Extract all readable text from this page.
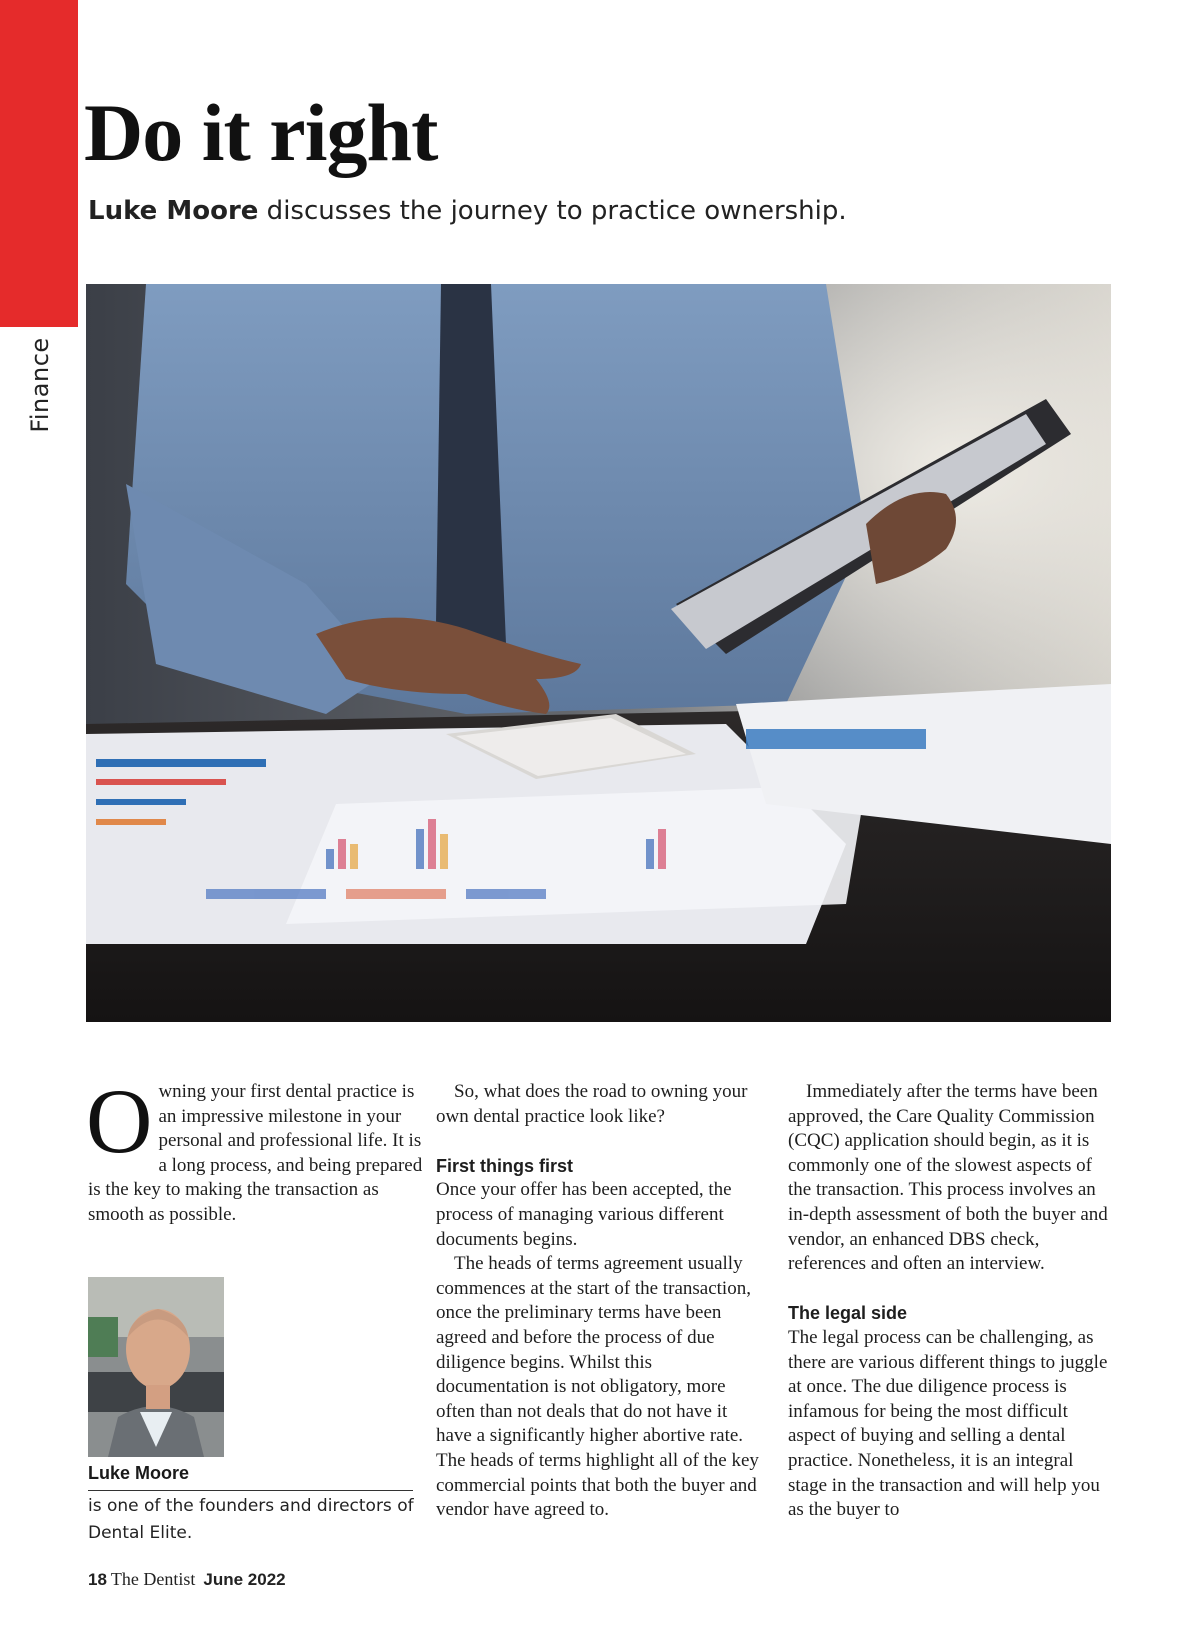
Finance
Do it right

Luke Moore discusses the journey to practice ownership.

Owning your first dental practice is an impressive milestone in your personal and professional life. It is a long process, and being prepared is the key to making the transaction as smooth as possible.

Luke Moore

is one of the founders and directors of Dental Elite.

So, what does the road to owning your own dental practice look like?

First things first

Once your offer has been accepted, the process of managing various different documents begins.

The heads of terms agreement usually commences at the start of the transaction, once the preliminary terms have been agreed and before the process of due diligence begins. Whilst this documentation is not obligatory, more often than not deals that do not have it have a significantly higher abortive rate. The heads of terms highlight all of the key commercial points that both the buyer and vendor have agreed to.

Immediately after the terms have been approved, the Care Quality Commission (CQC) application should begin, as it is commonly one of the slowest aspects of the transaction. This process involves an in-depth assessment of both the buyer and vendor, an enhanced DBS check, references and often an interview.

The legal side

The legal process can be challenging, as there are various different things to juggle at once. The due diligence process is infamous for being the most difficult aspect of buying and selling a dental practice. Nonetheless, it is an integral stage in the transaction and will help you as the buyer to

18 The Dentist June 2022
